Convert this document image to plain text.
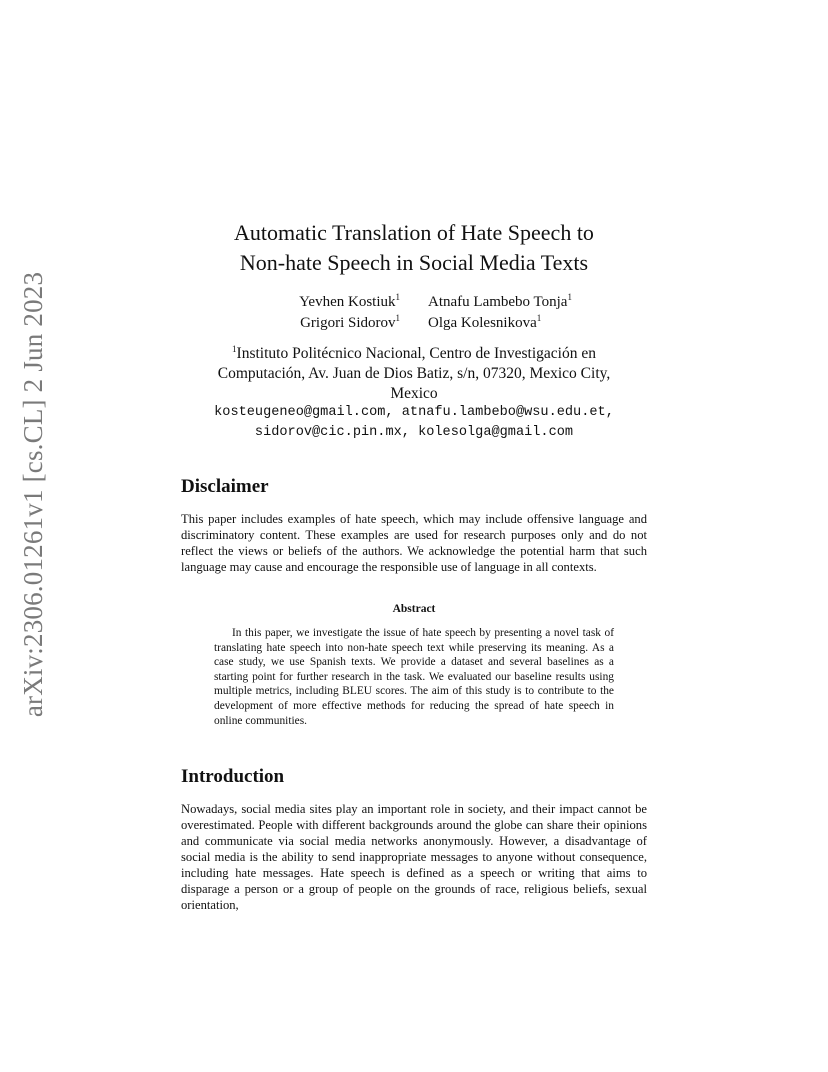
arXiv:2306.01261v1 [cs.CL] 2 Jun 2023
Automatic Translation of Hate Speech to
Non-hate Speech in Social Media Texts
Yevhen Kostiuk$^1$ Atnafu Lambebo Tonja$^1$
Grigori Sidorov$^1$ Olga Kolesnikova$^1$
$^1$Instituto Politécnico Nacional, Centro de Investigación en
Computación, Av. Juan de Dios Batiz, s/n, 07320, Mexico City,
Mexico
kosteugeneo@gmail.com, atnafu.lambebo@wsu.edu.et,
sidorov@cic.pin.mx, kolesolga@gmail.com
Disclaimer

This paper includes examples of hate speech, which may include offensive language and discriminatory content. These examples are used for research purposes only and do not reflect the views or beliefs of the authors. We acknowledge the potential harm that such language may cause and encourage the responsible use of language in all contexts.

Abstract

In this paper, we investigate the issue of hate speech by presenting a novel task of translating hate speech into non-hate speech text while preserving its meaning. As a case study, we use Spanish texts. We provide a dataset and several baselines as a starting point for further research in the task. We evaluated our baseline results using multiple metrics, including BLEU scores. The aim of this study is to contribute to the development of more effective methods for reducing the spread of hate speech in online communities.

Introduction

Nowadays, social media sites play an important role in society, and their impact cannot be overestimated. People with different backgrounds around the globe can share their opinions and communicate via social media networks anonymously. However, a disadvantage of social media is the ability to send inappropriate messages to anyone without consequence, including hate messages. Hate speech is defined as a speech or writing that aims to disparage a person or a group of people on the grounds of race, religious beliefs, sexual orientation,
